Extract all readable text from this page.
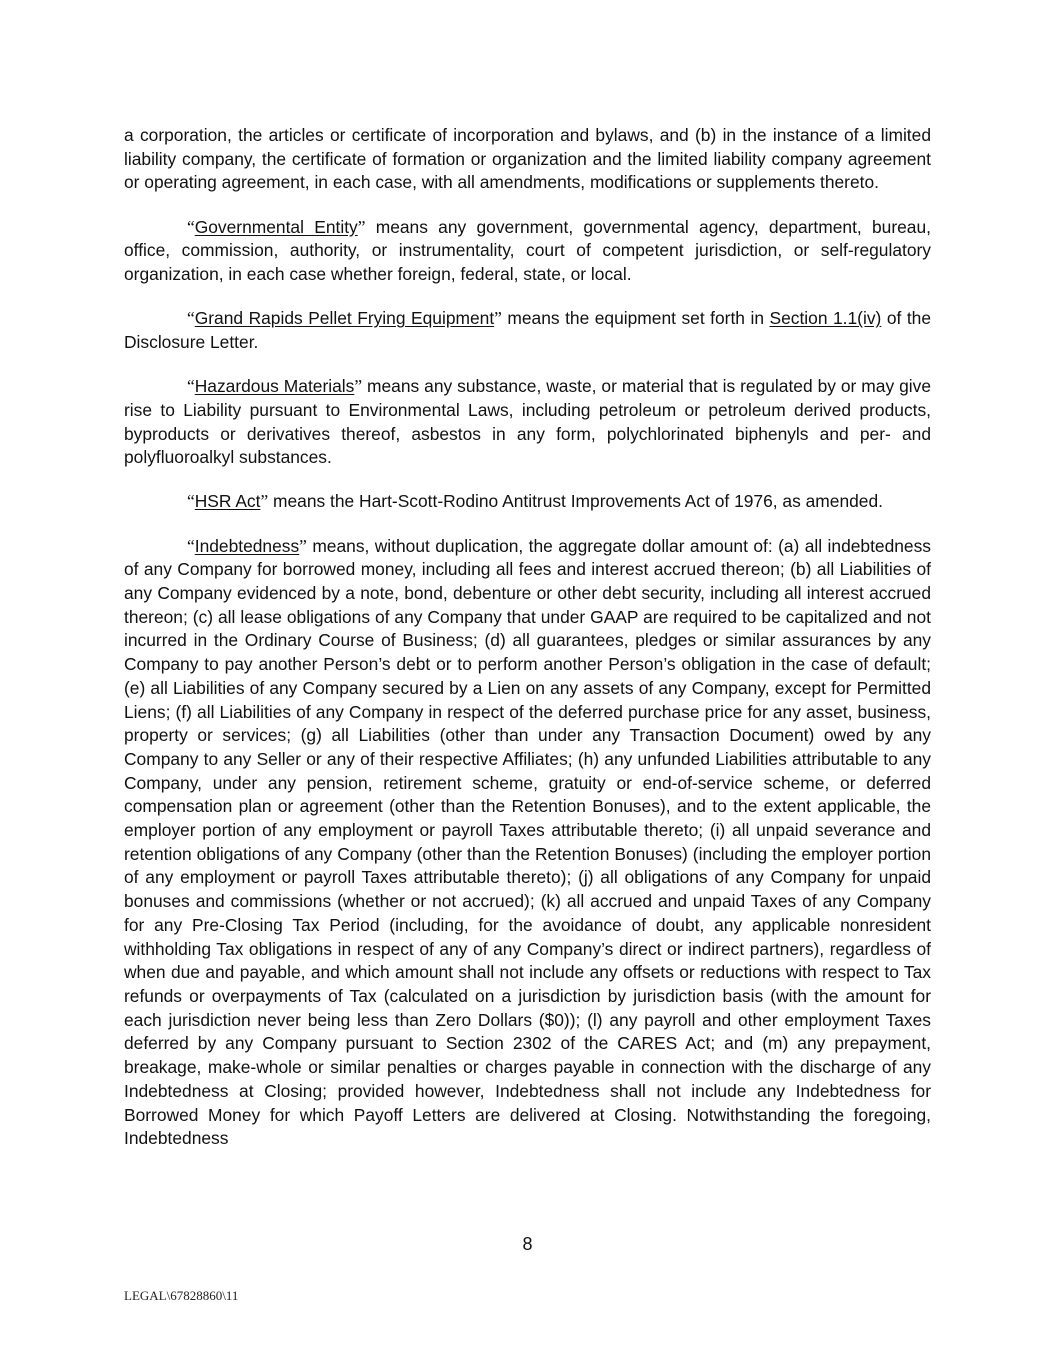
a corporation, the articles or certificate of incorporation and bylaws, and (b) in the instance of a limited liability company, the certificate of formation or organization and the limited liability company agreement or operating agreement, in each case, with all amendments, modifications or supplements thereto.

“Governmental Entity” means any government, governmental agency, department, bureau, office, commission, authority, or instrumentality, court of competent jurisdiction, or self-regulatory organization, in each case whether foreign, federal, state, or local.

“Grand Rapids Pellet Frying Equipment” means the equipment set forth in Section 1.1(iv) of the Disclosure Letter.

“Hazardous Materials” means any substance, waste, or material that is regulated by or may give rise to Liability pursuant to Environmental Laws, including petroleum or petroleum derived products, byproducts or derivatives thereof, asbestos in any form, polychlorinated biphenyls and per- and polyfluoroalkyl substances.

“HSR Act” means the Hart-Scott-Rodino Antitrust Improvements Act of 1976, as amended.

“Indebtedness” means, without duplication, the aggregate dollar amount of: (a) all indebtedness of any Company for borrowed money, including all fees and interest accrued thereon; (b) all Liabilities of any Company evidenced by a note, bond, debenture or other debt security, including all interest accrued thereon; (c) all lease obligations of any Company that under GAAP are required to be capitalized and not incurred in the Ordinary Course of Business; (d) all guarantees, pledges or similar assurances by any Company to pay another Person’s debt or to perform another Person’s obligation in the case of default; (e) all Liabilities of any Company secured by a Lien on any assets of any Company, except for Permitted Liens; (f) all Liabilities of any Company in respect of the deferred purchase price for any asset, business, property or services; (g) all Liabilities (other than under any Transaction Document) owed by any Company to any Seller or any of their respective Affiliates; (h) any unfunded Liabilities attributable to any Company, under any pension, retirement scheme, gratuity or end-of-service scheme, or deferred compensation plan or agreement (other than the Retention Bonuses), and to the extent applicable, the employer portion of any employment or payroll Taxes attributable thereto; (i) all unpaid severance and retention obligations of any Company (other than the Retention Bonuses) (including the employer portion of any employment or payroll Taxes attributable thereto); (j) all obligations of any Company for unpaid bonuses and commissions (whether or not accrued); (k) all accrued and unpaid Taxes of any Company for any Pre-Closing Tax Period (including, for the avoidance of doubt, any applicable nonresident withholding Tax obligations in respect of any of any Company’s direct or indirect partners), regardless of when due and payable, and which amount shall not include any offsets or reductions with respect to Tax refunds or overpayments of Tax (calculated on a jurisdiction by jurisdiction basis (with the amount for each jurisdiction never being less than Zero Dollars ($0)); (l) any payroll and other employment Taxes deferred by any Company pursuant to Section 2302 of the CARES Act; and (m) any prepayment, breakage, make-whole or similar penalties or charges payable in connection with the discharge of any Indebtedness at Closing; provided however, Indebtedness shall not include any Indebtedness for Borrowed Money for which Payoff Letters are delivered at Closing. Notwithstanding the foregoing, Indebtedness

8
LEGAL\67828860\11
